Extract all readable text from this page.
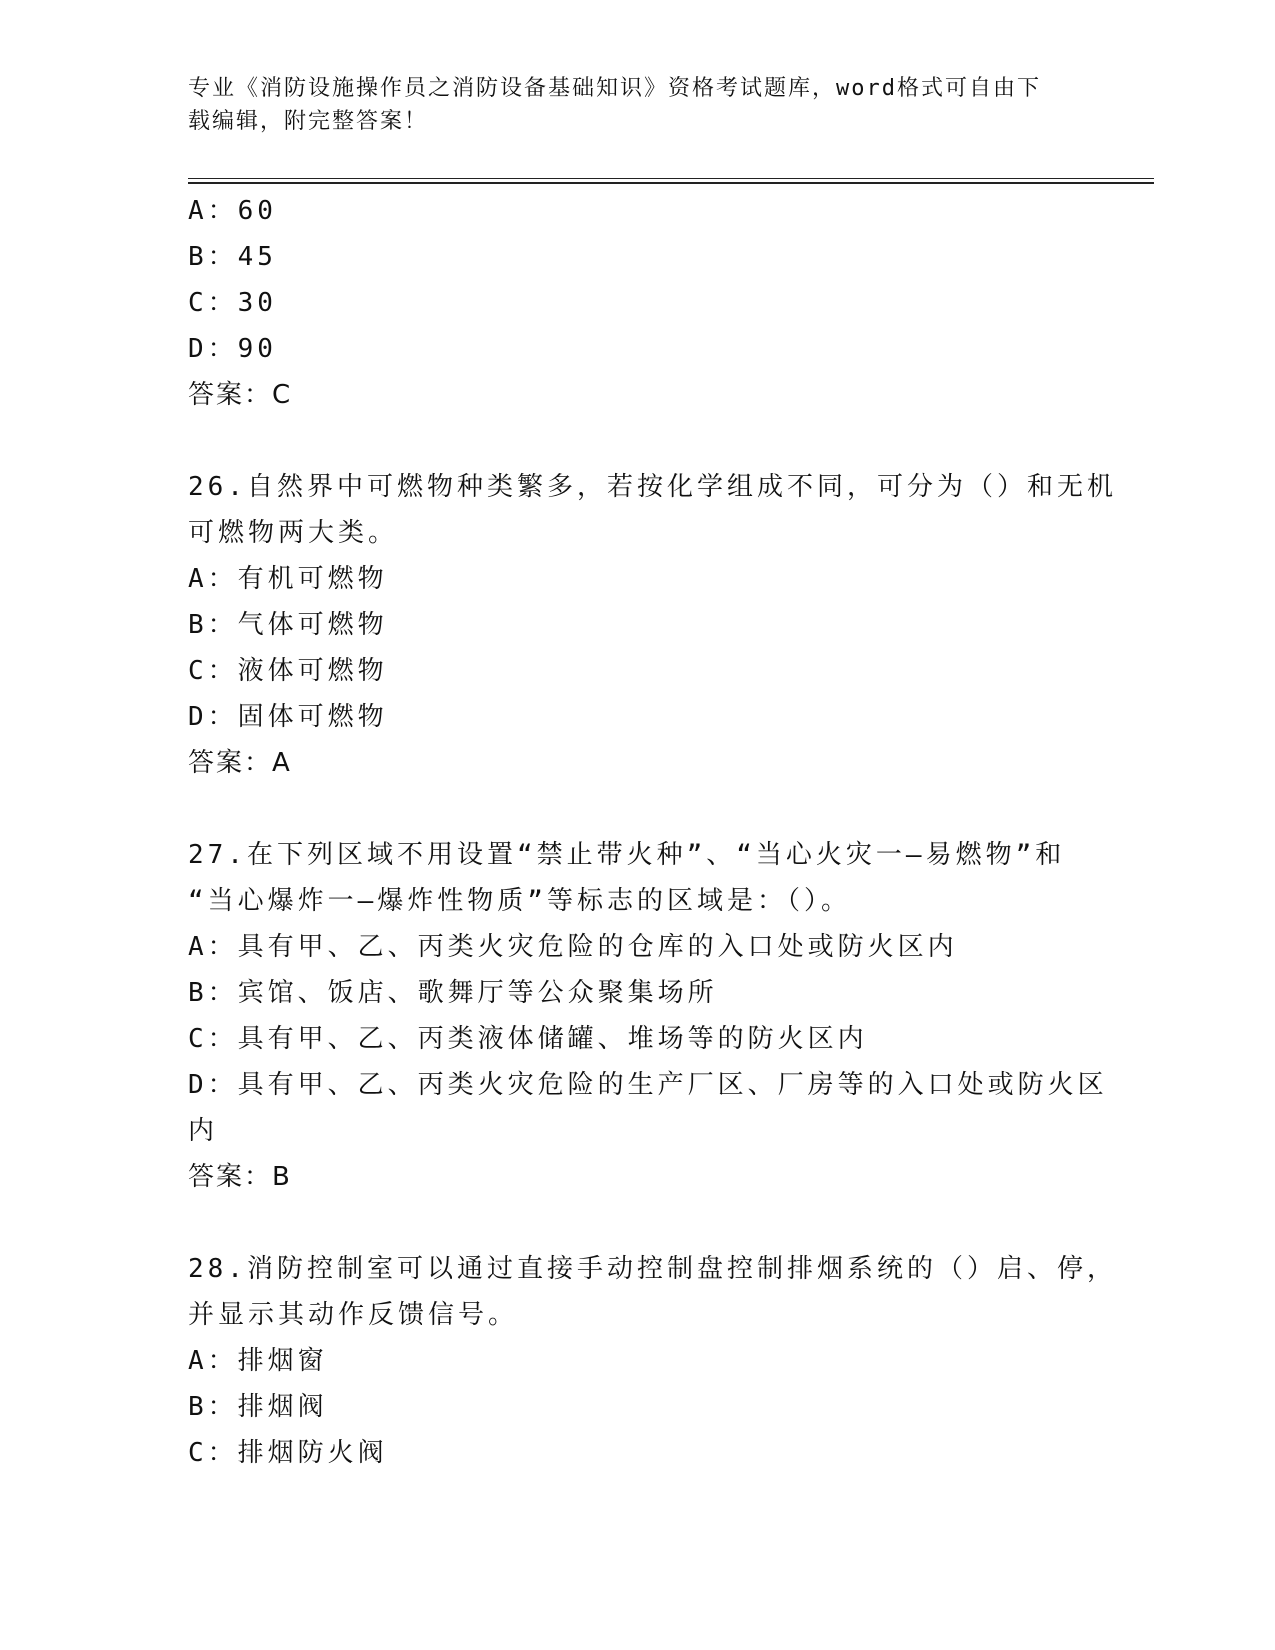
专业《消防设施操作员之消防设备基础知识》资格考试题库，word格式可自由下
载编辑，附完整答案！
A：60
B：45
C：30
D：90
答案：C
26.自然界中可燃物种类繁多，若按化学组成不同，可分为（）和无机
可燃物两大类。
A：有机可燃物
B：气体可燃物
C：液体可燃物
D：固体可燃物
答案：A
27.在下列区域不用设置“禁止带火种”、“当心火灾一—易燃物”和
“当心爆炸一—爆炸性物质”等标志的区域是：（）。
A：具有甲、乙、丙类火灾危险的仓库的入口处或防火区内
B：宾馆、饭店、歌舞厅等公众聚集场所
C：具有甲、乙、丙类液体储罐、堆场等的防火区内
D：具有甲、乙、丙类火灾危险的生产厂区、厂房等的入口处或防火区
内
答案：B
28.消防控制室可以通过直接手动控制盘控制排烟系统的（）启、停，
并显示其动作反馈信号。
A：排烟窗
B：排烟阀
C：排烟防火阀
